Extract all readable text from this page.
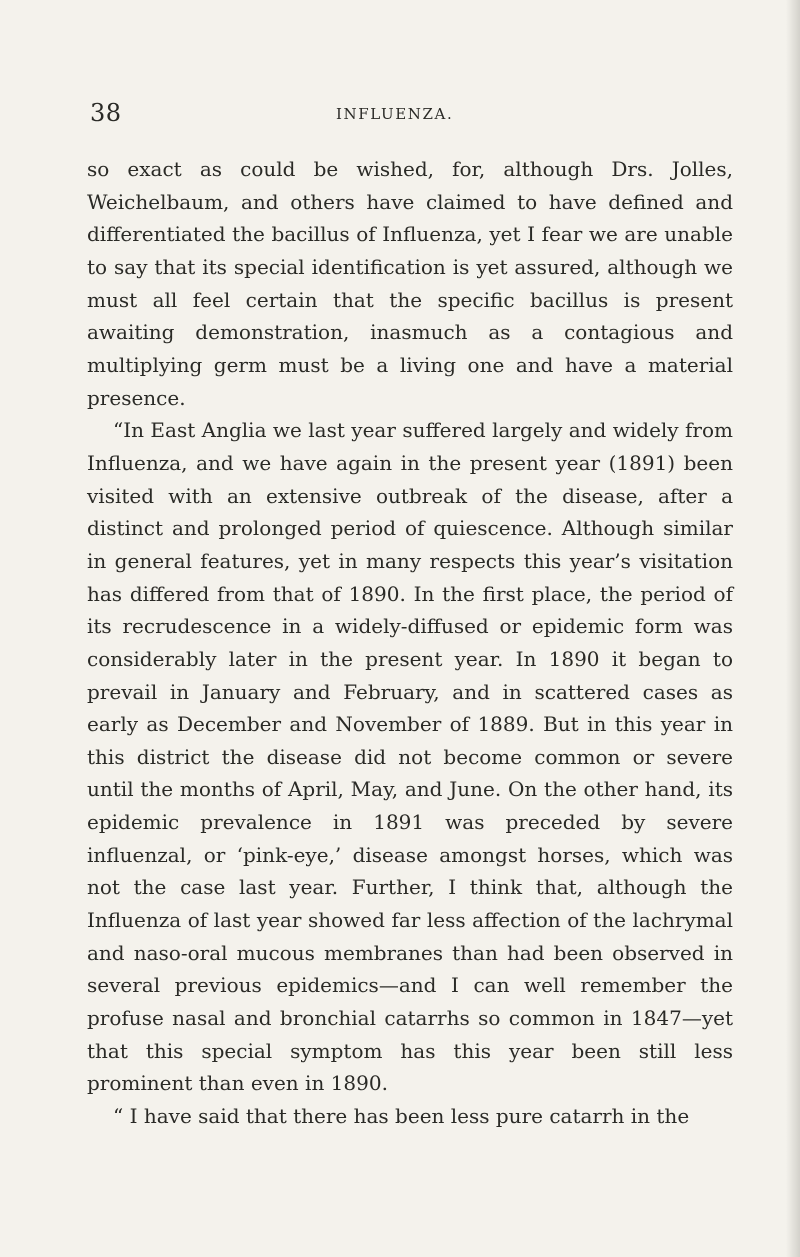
38	INFLUENZA.

so exact as could be wished, for, although Drs. Jolles, Weichelbaum, and others have claimed to have defined and differentiated the bacillus of Influenza, yet I fear we are unable to say that its special identification is yet assured, although we must all feel certain that the specific bacillus is present awaiting demonstration, inasmuch as a contagious and multiplying germ must be a living one and have a material presence.

“In East Anglia we last year suffered largely and widely from Influenza, and we have again in the present year (1891) been visited with an extensive outbreak of the disease, after a distinct and prolonged period of quiescence. Although similar in general features, yet in many respects this year’s visitation has differed from that of 1890. In the first place, the period of its recrudescence in a widely-diffused or epidemic form was considerably later in the present year. In 1890 it began to prevail in January and February, and in scattered cases as early as December and November of 1889. But in this year in this district the disease did not become common or severe until the months of April, May, and June. On the other hand, its epidemic prevalence in 1891 was preceded by severe influenzal, or ‘pink-eye,’ disease amongst horses, which was not the case last year. Further, I think that, although the Influenza of last year showed far less affection of the lachrymal and naso-oral mucous membranes than had been observed in several previous epidemics—and I can well remember the profuse nasal and bronchial catarrhs so common in 1847—yet that this special symptom has this year been still less prominent than even in 1890.

“ I have said that there has been less pure catarrh in the
